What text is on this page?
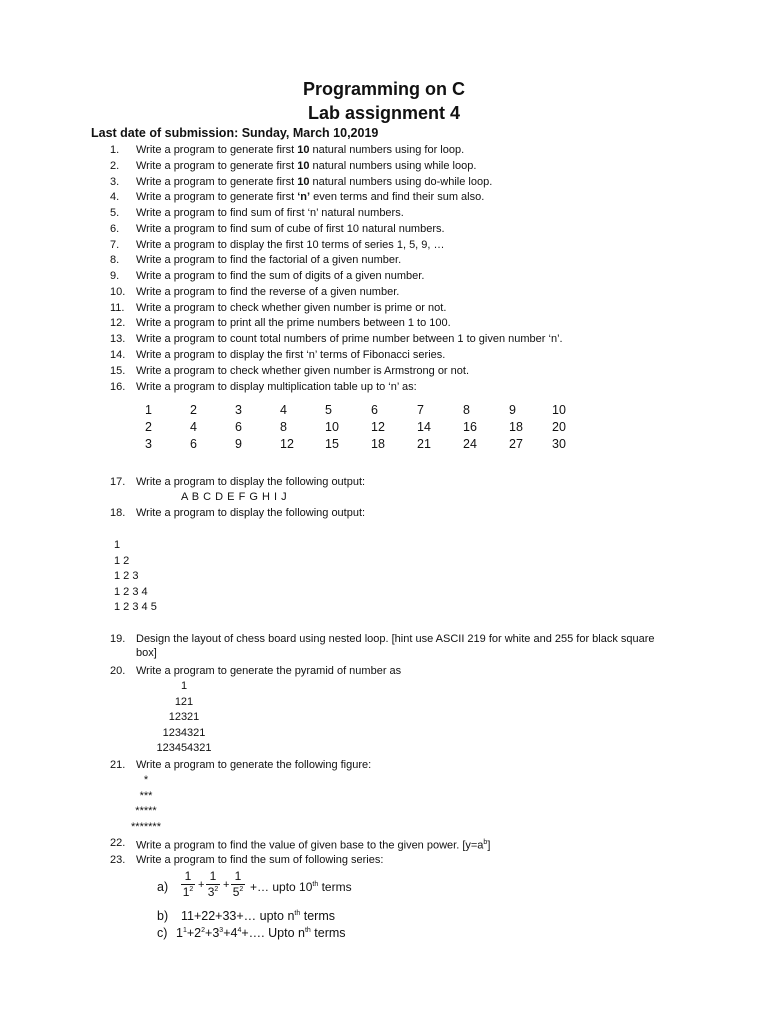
Programming on C
Lab assignment 4
Last date of submission: Sunday, March 10,2019
1. Write a program to generate first 10 natural numbers using for loop.
2. Write a program to generate first 10 natural numbers using while loop.
3. Write a program to generate first 10 natural numbers using do-while loop.
4. Write a program to generate first ‘n’ even terms and find their sum also.
5. Write a program to find sum of first ‘n’ natural numbers.
6. Write a program to find sum of cube of first 10 natural numbers.
7. Write a program to display the first 10 terms of series 1, 5, 9, …
8. Write a program to find the factorial of a given number.
9. Write a program to find the sum of digits of a given number.
10. Write a program to find the reverse of a given number.
11. Write a program to check whether given number is prime or not.
12. Write a program to print all the prime numbers between 1 to 100.
13. Write a program to count total numbers of prime number between 1 to given number ‘n’.
14. Write a program to display the first ‘n’ terms of Fibonacci series.
15. Write a program to check whether given number is Armstrong or not.
16. Write a program to display multiplication table up to ‘n’ as:
1	2	3	4	5	6	7	8	9	10
2	4	6	8	10	12	14	16	18 20
3	6	9	12 15	18	21	24	27 30
17. Write a program to display the following output:
A B C D E F G H I J
18. Write a program to display the following output:
1
1 2
1 2 3
1 2 3 4
1 2 3 4 5
19. Design the layout of chess board using nested loop. [hint use ASCII 219 for white and 255 for black square box]
20. Write a program to generate the pyramid of number as
1
121
12321
1234321
123454321
21. Write a program to generate the following figure:
*
***
*****
*******
22. Write a program to find the value of given base to the given power. $[y=a^b]$
23. Write a program to find the sum of following series:
$a) \frac{1}{1^2} + \frac{1}{3^2} + \frac{1}{5^2}$ +… upto 10th terms
b) 11+22+33+… upto $n^{th}$ terms
c) $1^1+2^2+3^3+4^4+\dots$. Upto $n^{th}$ terms
